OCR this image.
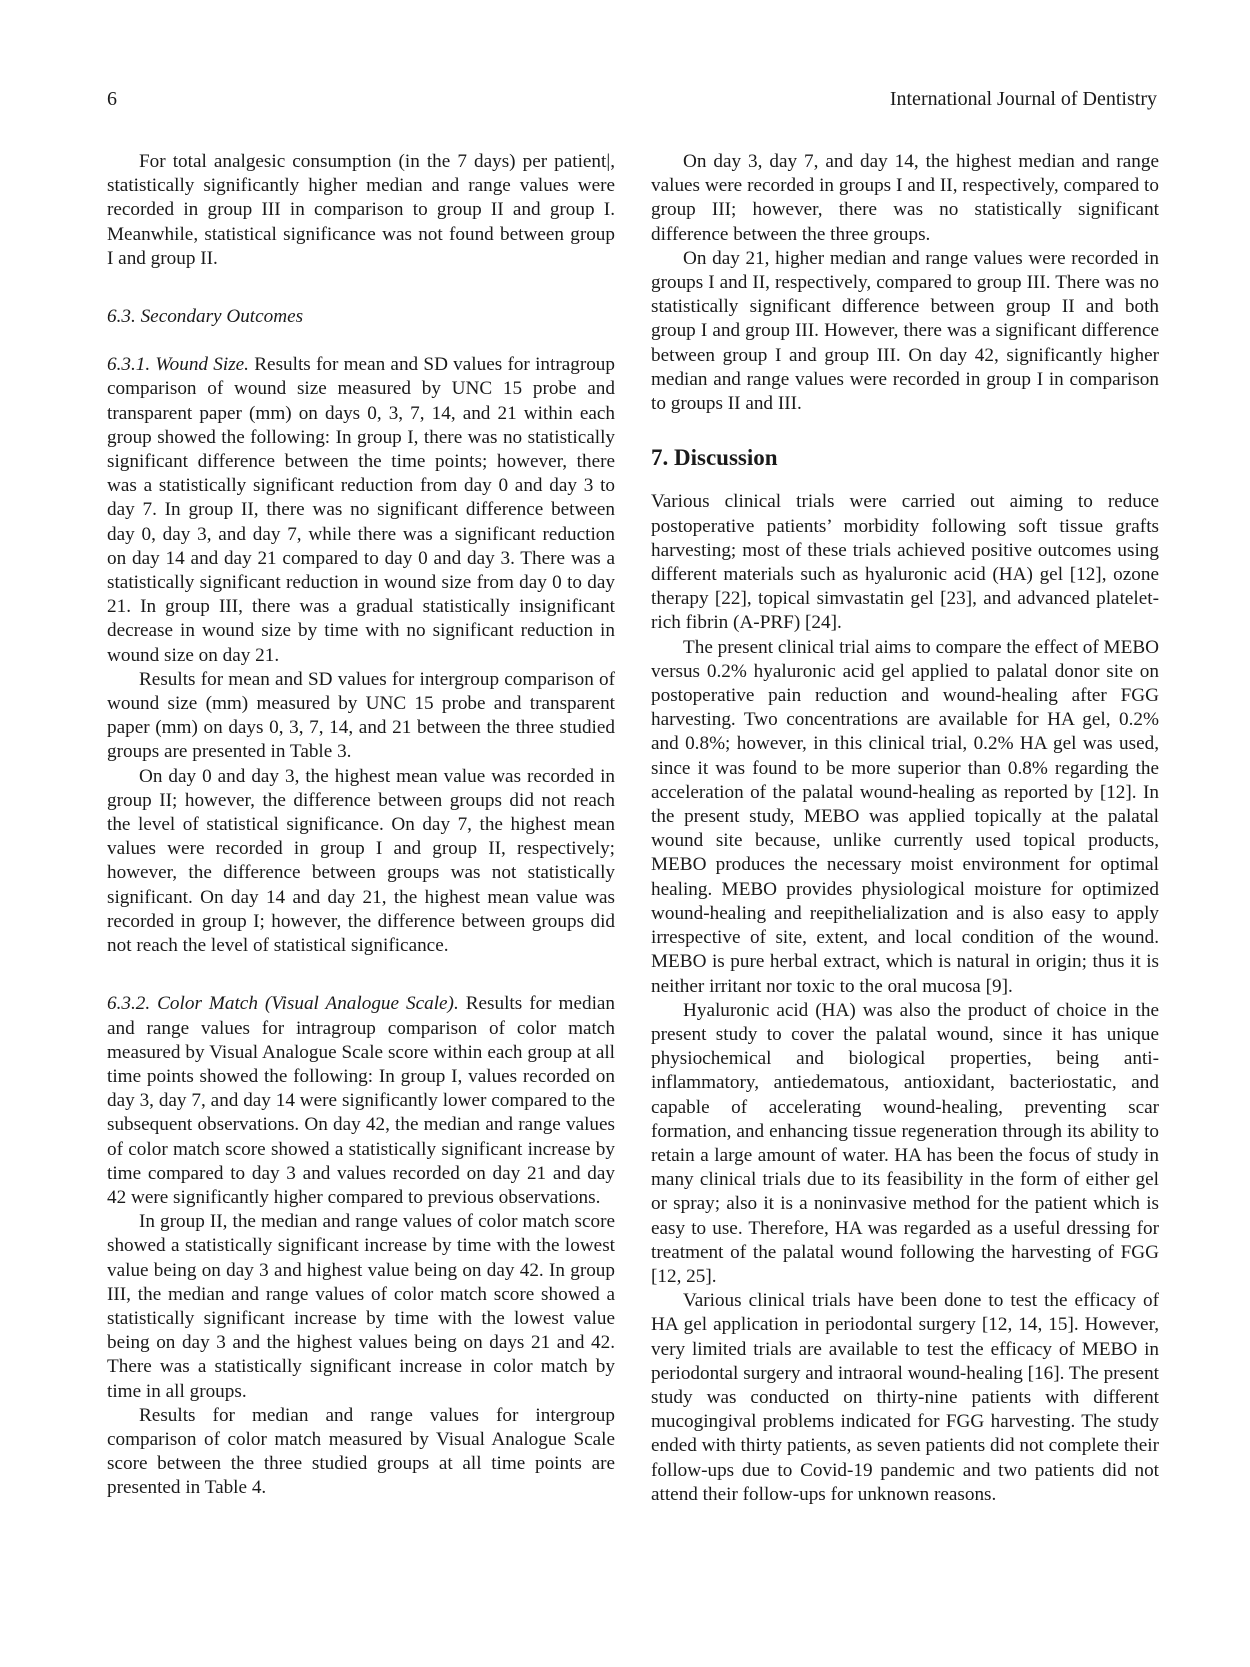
6	International Journal of Dentistry

For total analgesic consumption (in the 7 days) per patient|, statistically significantly higher median and range values were recorded in group III in comparison to group II and group I. Meanwhile, statistical significance was not found between group I and group II.

6.3. Secondary Outcomes

6.3.1. Wound Size. Results for mean and SD values for intragroup comparison of wound size measured by UNC 15 probe and transparent paper (mm) on days 0, 3, 7, 14, and 21 within each group showed the following: In group I, there was no statistically significant difference between the time points; however, there was a statistically significant reduction from day 0 and day 3 to day 7. In group II, there was no significant difference between day 0, day 3, and day 7, while there was a significant reduction on day 14 and day 21 compared to day 0 and day 3. There was a statistically significant reduction in wound size from day 0 to day 21. In group III, there was a gradual statistically insignificant decrease in wound size by time with no significant reduction in wound size on day 21.

Results for mean and SD values for intergroup comparison of wound size (mm) measured by UNC 15 probe and transparent paper (mm) on days 0, 3, 7, 14, and 21 between the three studied groups are presented in Table 3.

On day 0 and day 3, the highest mean value was recorded in group II; however, the difference between groups did not reach the level of statistical significance. On day 7, the highest mean values were recorded in group I and group II, respectively; however, the difference between groups was not statistically significant. On day 14 and day 21, the highest mean value was recorded in group I; however, the difference between groups did not reach the level of statistical significance.

6.3.2. Color Match (Visual Analogue Scale). Results for median and range values for intragroup comparison of color match measured by Visual Analogue Scale score within each group at all time points showed the following: In group I, values recorded on day 3, day 7, and day 14 were significantly lower compared to the subsequent observations. On day 42, the median and range values of color match score showed a statistically significant increase by time compared to day 3 and values recorded on day 21 and day 42 were significantly higher compared to previous observations.

In group II, the median and range values of color match score showed a statistically significant increase by time with the lowest value being on day 3 and highest value being on day 42. In group III, the median and range values of color match score showed a statistically significant increase by time with the lowest value being on day 3 and the highest values being on days 21 and 42. There was a statistically significant increase in color match by time in all groups.

Results for median and range values for intergroup comparison of color match measured by Visual Analogue Scale score between the three studied groups at all time points are presented in Table 4.

On day 3, day 7, and day 14, the highest median and range values were recorded in groups I and II, respectively, compared to group III; however, there was no statistically significant difference between the three groups.

On day 21, higher median and range values were recorded in groups I and II, respectively, compared to group III. There was no statistically significant difference between group II and both group I and group III. However, there was a significant difference between group I and group III. On day 42, significantly higher median and range values were recorded in group I in comparison to groups II and III.

7. Discussion

Various clinical trials were carried out aiming to reduce postoperative patients’ morbidity following soft tissue grafts harvesting; most of these trials achieved positive outcomes using different materials such as hyaluronic acid (HA) gel [12], ozone therapy [22], topical simvastatin gel [23], and advanced platelet-rich fibrin (A-PRF) [24].

The present clinical trial aims to compare the effect of MEBO versus 0.2% hyaluronic acid gel applied to palatal donor site on postoperative pain reduction and wound-healing after FGG harvesting. Two concentrations are available for HA gel, 0.2% and 0.8%; however, in this clinical trial, 0.2% HA gel was used, since it was found to be more superior than 0.8% regarding the acceleration of the palatal wound-healing as reported by [12]. In the present study, MEBO was applied topically at the palatal wound site because, unlike currently used topical products, MEBO produces the necessary moist environment for optimal healing. MEBO provides physiological moisture for optimized wound-healing and reepithelialization and is also easy to apply irrespective of site, extent, and local condition of the wound. MEBO is pure herbal extract, which is natural in origin; thus it is neither irritant nor toxic to the oral mucosa [9].

Hyaluronic acid (HA) was also the product of choice in the present study to cover the palatal wound, since it has unique physiochemical and biological properties, being anti-inflammatory, antiedematous, antioxidant, bacteriostatic, and capable of accelerating wound-healing, preventing scar formation, and enhancing tissue regeneration through its ability to retain a large amount of water. HA has been the focus of study in many clinical trials due to its feasibility in the form of either gel or spray; also it is a noninvasive method for the patient which is easy to use. Therefore, HA was regarded as a useful dressing for treatment of the palatal wound following the harvesting of FGG [12, 25].

Various clinical trials have been done to test the efficacy of HA gel application in periodontal surgery [12, 14, 15]. However, very limited trials are available to test the efficacy of MEBO in periodontal surgery and intraoral wound-healing [16]. The present study was conducted on thirty-nine patients with different mucogingival problems indicated for FGG harvesting. The study ended with thirty patients, as seven patients did not complete their follow-ups due to Covid-19 pandemic and two patients did not attend their follow-ups for unknown reasons.
